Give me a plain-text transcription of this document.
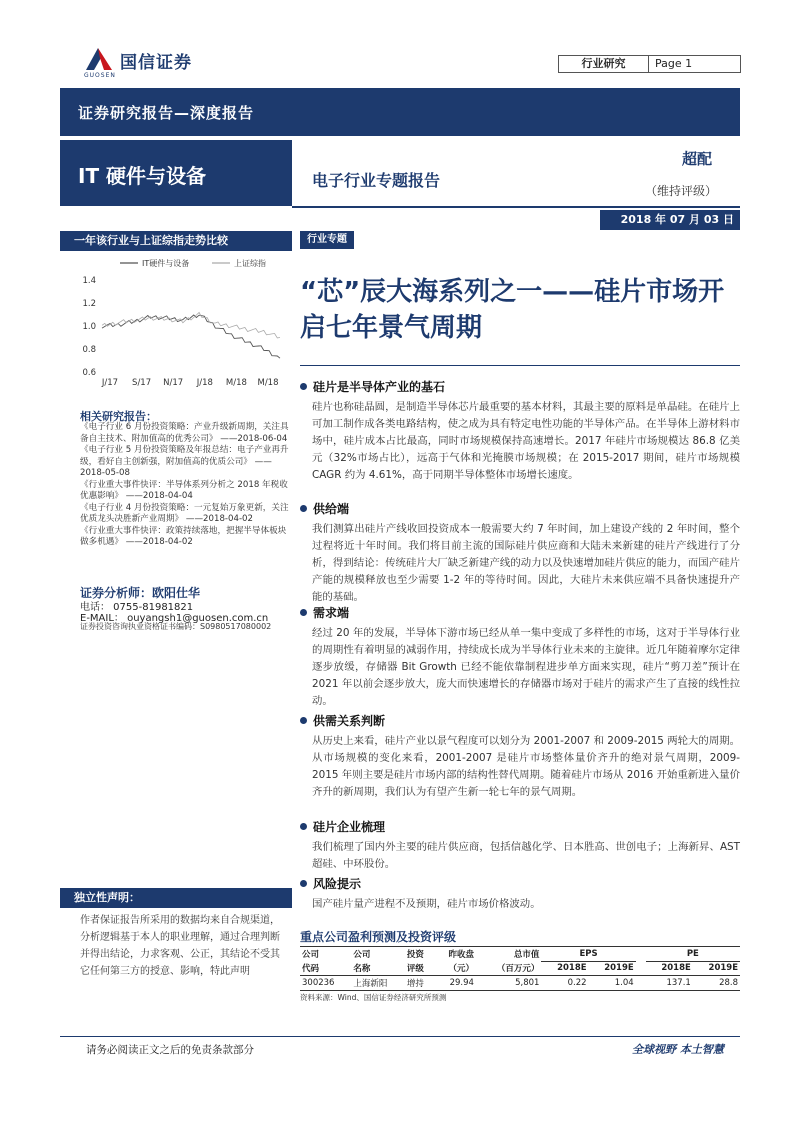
国信证券
GUOSEN
行业研究	Page 1
证券研究报告—深度报告
IT 硬件与设备	电子行业专题报告
超配
（维持评级）
2018 年 07 月 03 日
一年该行业与上证综指走势比较
IT硬件与设备	上证综指
0.6
0.8
1.0
1.2
1.4
J/17 S/17 N/17 J/18 M/18 M/18
相关研究报告：
《电子行业 6 月份投资策略：产业升级新周期，关注具备自主技术、附加值高的优秀公司》 ——2018-06-04
《电子行业 5 月份投资策略及年报总结：电子产业再升级，看好自主创新强，附加值高的优质公司》 ——2018-05-08
《行业重大事件快评：半导体系列分析之 2018 年税收优惠影响》 ——2018-04-04
《电子行业 4 月份投资策略：一元复始万象更新，关注优质龙头决胜新产业周期》 ——2018-04-02
《行业重大事件快评：政策持续落地，把握半导体板块做多机遇》 ——2018-04-02
证券分析师：欧阳仕华
电话： 0755-81981821
E-MAIL： ouyangsh1@guosen.com.cn
证券投资咨询执业资格证书编码：S0980517080002
独立性声明：
作者保证报告所采用的数据均来自合规渠道，分析逻辑基于本人的职业理解，通过合理判断并得出结论，力求客观、公正，其结论不受其它任何第三方的授意、影响，特此声明
行业专题
“芯”辰大海系列之一——硅片市场开启七年景气周期
硅片是半导体产业的基石
硅片也称硅晶圆，是制造半导体芯片最重要的基本材料，其最主要的原料是单晶硅。在硅片上可加工制作成各类电路结构，使之成为具有特定电性功能的半导体产品。在半导体上游材料市场中，硅片成本占比最高，同时市场规模保持高速增长。2017 年硅片市场规模达 86.8 亿美元（32%市场占比），远高于气体和光掩膜市场规模；在 2015-2017 期间，硅片市场规模 CAGR 约为 4.61%，高于同期半导体整体市场增长速度。
供给端
我们测算出硅片产线收回投资成本一般需要大约 7 年时间，加上建设产线的 2 年时间，整个过程将近十年时间。我们将目前主流的国际硅片供应商和大陆未来新建的硅片产线进行了分析，得到结论：传统硅片大厂缺乏新建产线的动力以及快速增加硅片供应的能力，而国产硅片产能的规模释放也至少需要 1-2 年的等待时间。因此，大硅片未来供应端不具备快速提升产能的基础。
需求端
经过 20 年的发展，半导体下游市场已经从单一集中变成了多样性的市场，这对于半导体行业的周期性有着明显的减弱作用，持续成长成为半导体行业未来的主旋律。近几年随着摩尔定律逐步放缓，存储器 Bit Growth 已经不能依靠制程进步单方面来实现，硅片“剪刀差”预计在 2021 年以前会逐步放大，庞大而快速增长的存储器市场对于硅片的需求产生了直接的线性拉动。
供需关系判断
从历史上来看，硅片产业以景气程度可以划分为 2001-2007 和 2009-2015 两轮大的周期。从市场规模的变化来看，2001-2007 是硅片市场整体量价齐升的绝对景气周期，2009-2015 年则主要是硅片市场内部的结构性替代周期。随着硅片市场从 2016 开始重新进入量价齐升的新周期，我们认为有望产生新一轮七年的景气周期。
硅片企业梳理
我们梳理了国内外主要的硅片供应商，包括信越化学、日本胜高、世创电子；上海新昇、AST 超硅、中环股份。
风险提示
国产硅片量产进程不及预期，硅片市场价格波动。
重点公司盈利预测及投资评级
公司	公司	投资	昨收盘	总市值	EPS			PE	
代码	名称	评级	（元）	（百万元）	2018E	2019E		2018E	2019E
300236	上海新阳	增持	29.94	5,801	0.22	1.04		137.1	28.8
资料来源：Wind、国信证券经济研究所预测
请务必阅读正文之后的免责条款部分	全球视野 本土智慧
